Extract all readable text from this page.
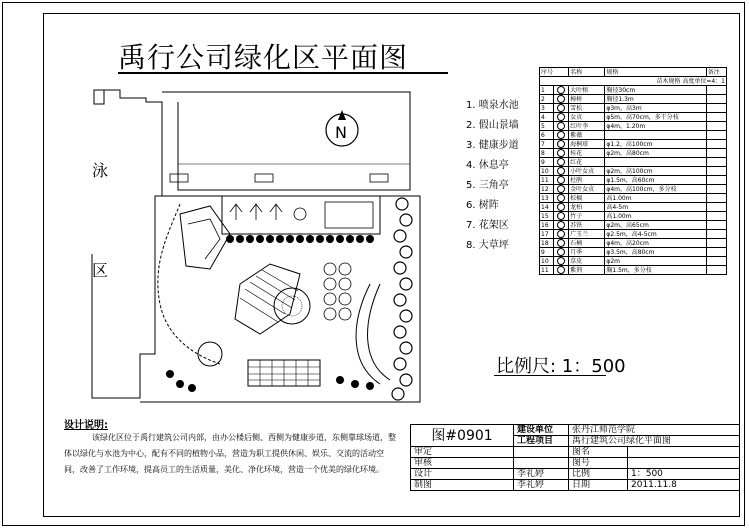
禹行公司绿化区平面图
N
泳
区
1. 喷泉水池
2. 假山景墙
3. 健康步道
4. 休息亭
5. 三角亭
6. 树阵
7. 花架区
8. 大草坪
序号		名称	规格	备注
苗木规格 高度单位=4：1				
1		大叶榕	胸径30cm	
2		樟树	胸径1.3m	
3		雪松	φ3m，高3m	
4		女贞	φ5m，高70cm，多干分枝	
5		红叶李	φ4m，1.20m	
6		紫薇		
7		海桐球	φ1.2，高100cm	
8		桂花	φ2m，高80cm	
9		红花		
10		小叶女贞	φ2m，高100cm	
11		杜鹃	φ1.5m，高60cm	
12		金叶女贞	φ4m，高100cm，多分枝	
13		棕榈	高1.00m	
14		龙柏	高4-5m	
15		竹子	高1.00m	
16		苏铁	φ2m，高65cm	
17		广玉兰	φ2.5m，高4-5cm	
18		石楠	φ4m，高20cm	
9		月季	φ3.5m，高80cm	
10		草皮	φ2m	
11		紫荆	胸1.5m，多分枝	
比例尺: 1：500
设计说明:
该绿化区位于禹行建筑公司内部，由办公楼后侧、西侧为健康步道，东侧靠球场道，整体以绿化与水池为中心，配有不同的植物小品，营造为职工提供休闲、娱乐、交流的活动空间，改善了工作环境，提高员工的生活质量，美化、净化环境，营造一个优美的绿化环境。
图#0901	建设单位	张丹江师范学院	
	工程项目	禹行建筑公司绿化平面图	
审定		图名	
审核		图号	
设计	李礼婷	比例	1：500
制图	李礼婷	日期	2011.11.8
